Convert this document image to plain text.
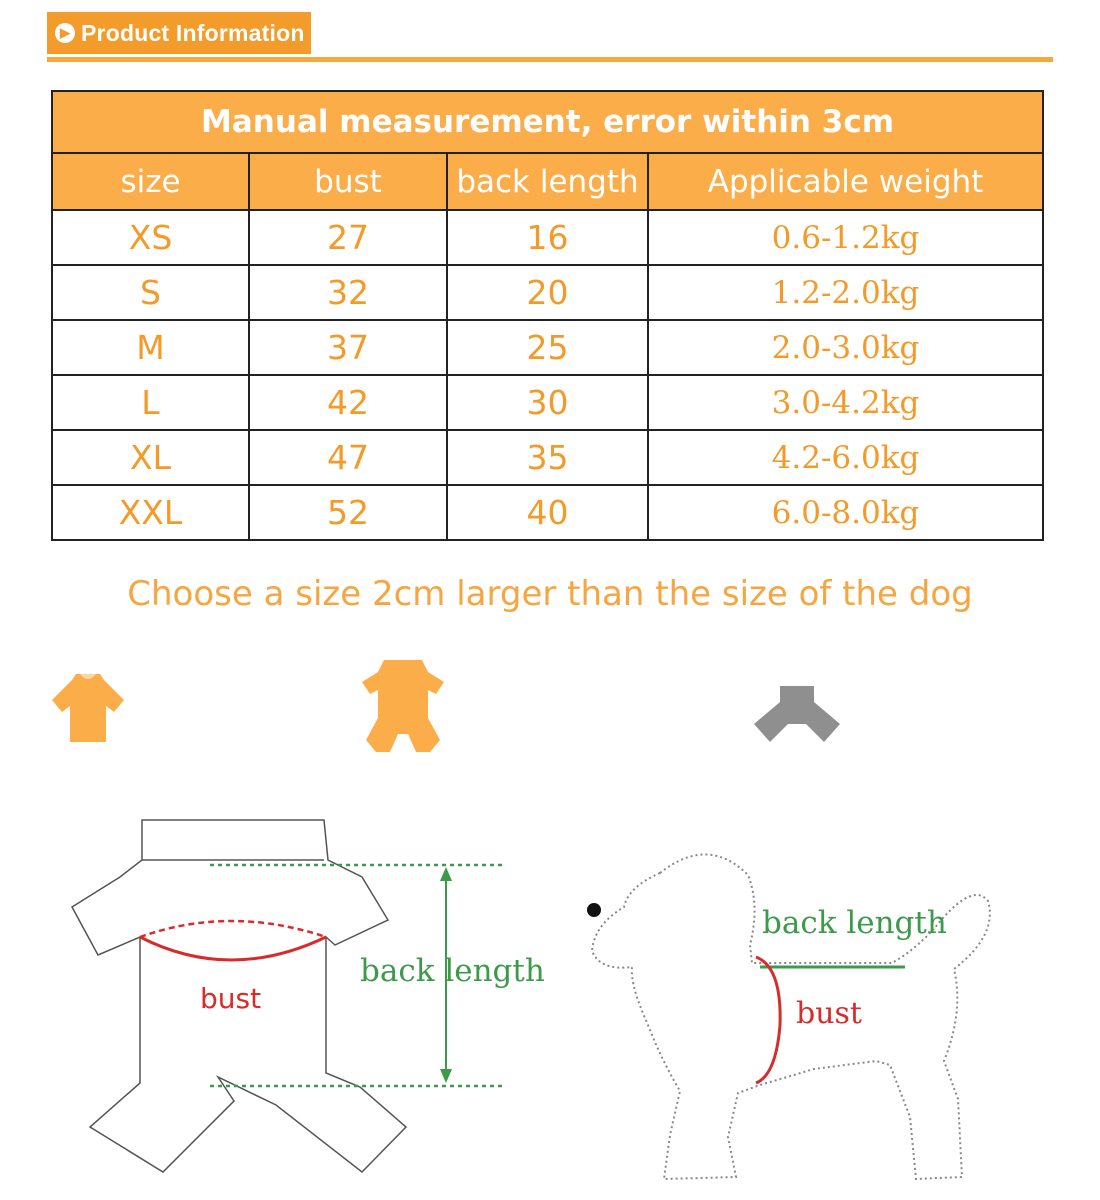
▶ Product Information
Manual measurement, error within 3cm			
size	bust	back length	Applicable weight
XS	27	16	0.6-1.2kg
S	32	20	1.2-2.0kg
M	37	25	2.0-3.0kg
L	42	30	3.0-4.2kg
XL	47	35	4.2-6.0kg
XXL	52	40	6.0-8.0kg
Choose a size 2cm larger than the size of the dog
bust
back length
back length
bust
